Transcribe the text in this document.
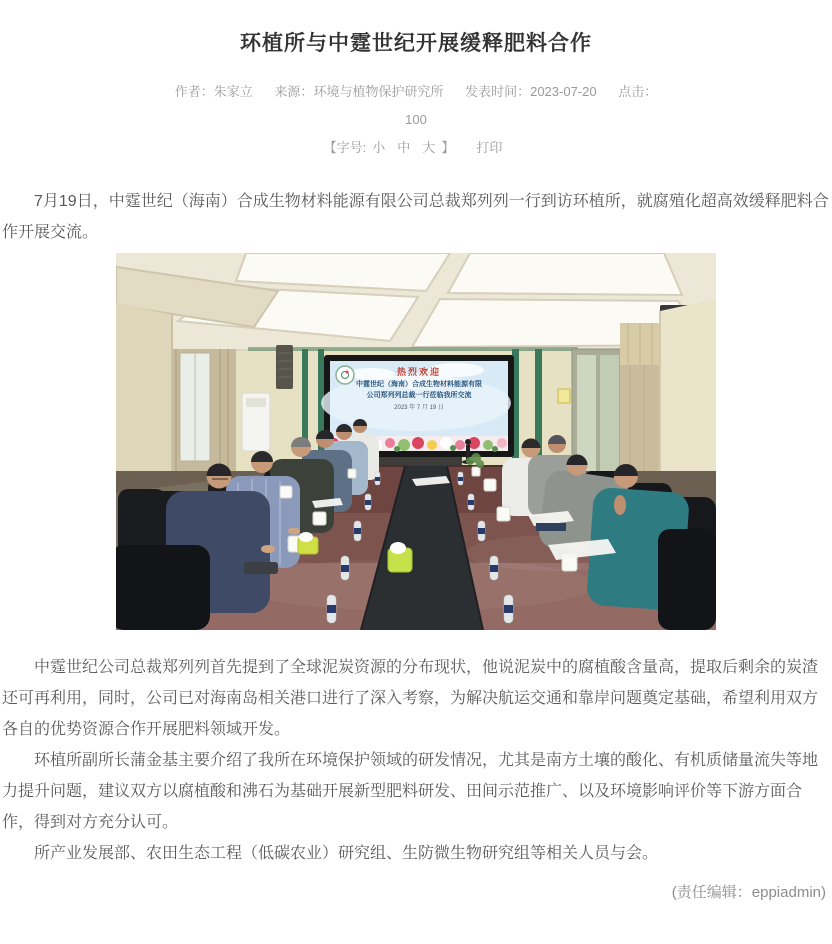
环植所与中霆世纪开展缓释肥料合作
作者：朱家立 来源：环境与植物保护研究所 发表时间：2023-07-20 点击：
100
【字号: 小 中 大 】 打印

7月19日，中霆世纪（海南）合成生物材料能源有限公司总裁郑列列一行到访环植所，就腐殖化超高效缓释肥料合作开展交流。

热烈欢迎
中霆世纪（海南）合成生物材料能源有限
公司郑列列总裁一行莅临我所交流
2023 年 7 月 19 日

中霆世纪公司总裁郑列列首先提到了全球泥炭资源的分布现状，他说泥炭中的腐植酸含量高，提取后剩余的炭渣还可再利用，同时，公司已对海南岛相关港口进行了深入考察，为解决航运交通和靠岸问题奠定基础，希望利用双方各自的优势资源合作开展肥料领域开发。

环植所副所长蒲金基主要介绍了我所在环境保护领域的研发情况，尤其是南方土壤的酸化、有机质储量流失等地力提升问题，建议双方以腐植酸和沸石为基础开展新型肥料研发、田间示范推广、以及环境影响评价等下游方面合作，得到对方充分认可。

所产业发展部、农田生态工程（低碳农业）研究组、生防微生物研究组等相关人员与会。

(责任编辑：eppiadmin)
